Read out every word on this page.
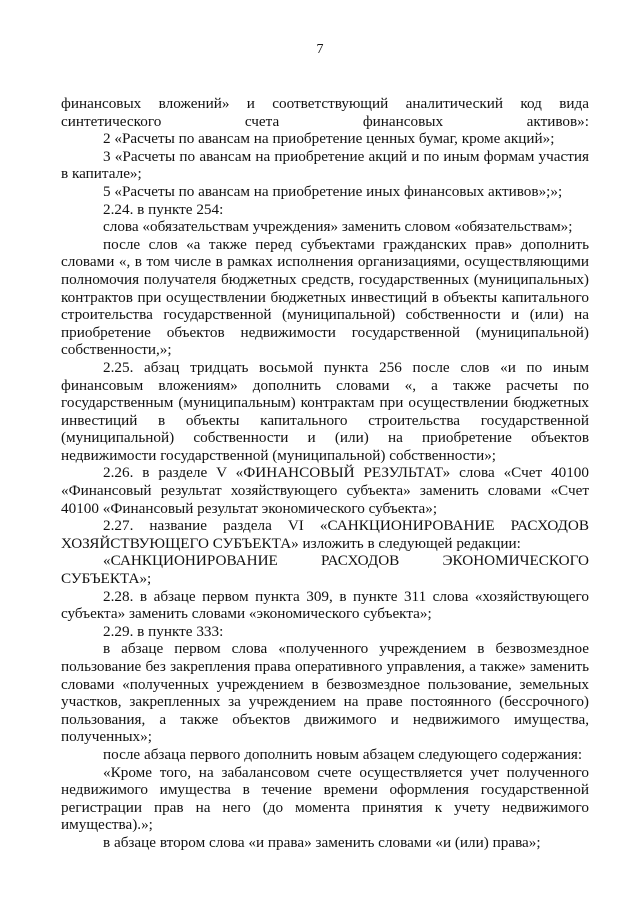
7

финансовых вложений» и соответствующий аналитический код вида синтетического счета финансовых активов»:

2 «Расчеты по авансам на приобретение ценных бумаг, кроме акций»;

3 «Расчеты по авансам на приобретение акций и по иным формам участия в капитале»;

5 «Расчеты по авансам на приобретение иных финансовых активов»;»;

2.24. в пункте 254:

слова «обязательствам учреждения» заменить словом «обязательствам»;

после слов «а также перед субъектами гражданских прав» дополнить словами «, в том числе в рамках исполнения организациями, осуществляющими полномочия получателя бюджетных средств, государственных (муниципальных) контрактов при осуществлении бюджетных инвестиций в объекты капитального строительства государственной (муниципальной) собственности и (или) на приобретение объектов недвижимости государственной (муниципальной) собственности,»;

2.25. абзац тридцать восьмой пункта 256 после слов «и по иным финансовым вложениям» дополнить словами «, а также расчеты по государственным (муниципальным) контрактам при осуществлении бюджетных инвестиций в объекты капитального строительства государственной (муниципальной) собственности и (или) на приобретение объектов недвижимости государственной (муниципальной) собственности»;

2.26. в разделе V «ФИНАНСОВЫЙ РЕЗУЛЬТАТ» слова «Счет 40100 «Финансовый результат хозяйствующего субъекта» заменить словами «Счет 40100 «Финансовый результат экономического субъекта»;

2.27. название раздела VI «САНКЦИОНИРОВАНИЕ РАСХОДОВ ХОЗЯЙСТВУЮЩЕГО СУБЪЕКТА» изложить в следующей редакции:

«САНКЦИОНИРОВАНИЕ РАСХОДОВ ЭКОНОМИЧЕСКОГО СУБЪЕКТА»;

2.28. в абзаце первом пункта 309, в пункте 311 слова «хозяйствующего субъекта» заменить словами «экономического субъекта»;

2.29. в пункте 333:

в абзаце первом слова «полученного учреждением в безвозмездное пользование без закрепления права оперативного управления, а также» заменить словами «полученных учреждением в безвозмездное пользование, земельных участков, закрепленных за учреждением на праве постоянного (бессрочного) пользования, а также объектов движимого и недвижимого имущества, полученных»;

после абзаца первого дополнить новым абзацем следующего содержания:

«Кроме того, на забалансовом счете осуществляется учет полученного недвижимого имущества в течение времени оформления государственной регистрации прав на него (до момента принятия к учету недвижимого имущества).»;

в абзаце втором слова «и права» заменить словами «и (или) права»;
